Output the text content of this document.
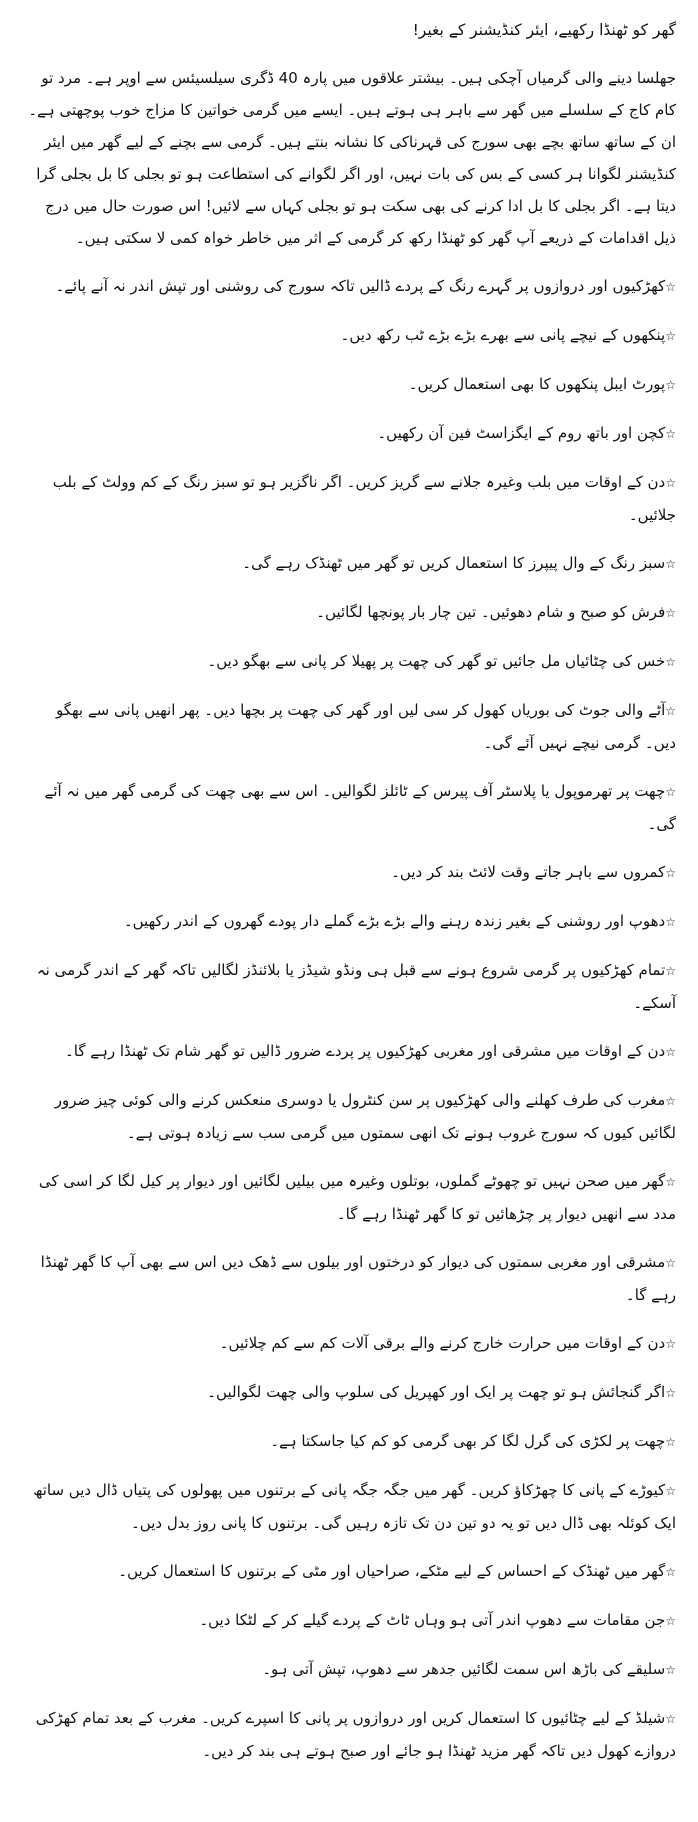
گھر کو ٹھنڈا رکھیے، ایئر کنڈیشنر کے بغیر!

جھلسا دینے والی گرمیاں آچکی ہیں۔ بیشتر علاقوں میں پارہ 40 ڈگری سیلسیئس سے اوپر ہے۔ مرد تو کام کاج کے سلسلے میں گھر سے باہر ہی ہوتے ہیں۔ ایسے میں گرمی خواتین کا مزاج خوب پوچھتی ہے۔ ان کے ساتھ ساتھ بچے بھی سورج کی قہرناکی کا نشانہ بنتے ہیں۔ گرمی سے بچنے کے لیے گھر میں ایئر کنڈیشنر لگوانا ہر کسی کے بس کی بات نہیں، اور اگر لگوانے کی استطاعت ہو تو بجلی کا بل بجلی گرا دیتا ہے۔ اگر بجلی کا بل ادا کرنے کی بھی سکت ہو تو بجلی کہاں سے لائیں! اس صورت حال میں درج ذیل اقدامات کے ذریعے آپ گھر کو ٹھنڈا رکھ کر گرمی کے اثر میں خاطر خواہ کمی لا سکتی ہیں۔

☆کھڑکیوں اور دروازوں پر گہرے رنگ کے پردے ڈالیں تاکہ سورج کی روشنی اور تپش اندر نہ آنے پائے۔

☆پنکھوں کے نیچے پانی سے بھرے بڑے بڑے ٹب رکھ دیں۔

☆پورٹ ایبل پنکھوں کا بھی استعمال کریں۔

☆کچن اور باتھ روم کے ایگزاسٹ فین آن رکھیں۔

☆دن کے اوقات میں بلب وغیرہ جلانے سے گریز کریں۔ اگر ناگزیر ہو تو سبز رنگ کے کم وولٹ کے بلب جلائیں۔

☆سبز رنگ کے وال پیپرز کا استعمال کریں تو گھر میں ٹھنڈک رہے گی۔

☆فرش کو صبح و شام دھوئیں۔ تین چار بار پونچھا لگائیں۔

☆خس کی چٹائیاں مل جائیں تو گھر کی چھت پر پھیلا کر پانی سے بھگو دیں۔

☆آٹے والی جوٹ کی بوریاں کھول کر سی لیں اور گھر کی چھت پر بچھا دیں۔ پھر انھیں پانی سے بھگو دیں۔ گرمی نیچے نہیں آئے گی۔

☆چھت پر تھرموپول یا پلاسٹر آف پیرس کے ٹائلز لگوالیں۔ اس سے بھی چھت کی گرمی گھر میں نہ آئے گی۔

☆کمروں سے باہر جاتے وقت لائٹ بند کر دیں۔

☆دھوپ اور روشنی کے بغیر زندہ رہنے والے بڑے بڑے گملے دار پودے گھروں کے اندر رکھیں۔

☆تمام کھڑکیوں پر گرمی شروع ہونے سے قبل ہی ونڈو شیڈز یا بلائنڈز لگالیں تاکہ گھر کے اندر گرمی نہ آسکے۔

☆دن کے اوقات میں مشرقی اور مغربی کھڑکیوں پر پردے ضرور ڈالیں تو گھر شام تک ٹھنڈا رہے گا۔

☆مغرب کی طرف کھلنے والی کھڑکیوں پر سن کنٹرول یا دوسری منعکس کرنے والی کوئی چیز ضرور لگائیں کیوں کہ سورج غروب ہونے تک انھی سمتوں میں گرمی سب سے زیادہ ہوتی ہے۔

☆گھر میں صحن نہیں تو چھوٹے گملوں، بوتلوں وغیرہ میں بیلیں لگائیں اور دیوار پر کیل لگا کر اسی کی مدد سے انھیں دیوار پر چڑھائیں تو کا گھر ٹھنڈا رہے گا۔

☆مشرقی اور مغربی سمتوں کی دیوار کو درختوں اور بیلوں سے ڈھک دیں اس سے بھی آپ کا گھر ٹھنڈا رہے گا۔

☆دن کے اوقات میں حرارت خارج کرنے والے برقی آلات کم سے کم چلائیں۔

☆اگر گنجائش ہو تو چھت پر ایک اور کھپریل کی سلوپ والی چھت لگوالیں۔

☆چھت پر لکڑی کی گرل لگا کر بھی گرمی کو کم کیا جاسکتا ہے۔

☆کیوڑے کے پانی کا چھڑکاؤ کریں۔ گھر میں جگہ جگہ پانی کے برتنوں میں پھولوں کی پتیاں ڈال دیں ساتھ ایک کوئلہ بھی ڈال دیں تو یہ دو تین دن تک تازہ رہیں گی۔ برتنوں کا پانی روز بدل دیں۔

☆گھر میں ٹھنڈک کے احساس کے لیے مٹکے، صراحیاں اور مٹی کے برتنوں کا استعمال کریں۔

☆جن مقامات سے دھوپ اندر آتی ہو وہاں ٹاٹ کے پردے گیلے کر کے لٹکا دیں۔

☆سلیقے کی باڑھ اس سمت لگائیں جدھر سے دھوپ، تپش آتی ہو۔

☆شیلڈ کے لیے چٹائیوں کا استعمال کریں اور دروازوں پر پانی کا اسپرے کریں۔ مغرب کے بعد تمام کھڑکی دروازے کھول دیں تاکہ گھر مزید ٹھنڈا ہو جائے اور صبح ہوتے ہی بند کر دیں۔
